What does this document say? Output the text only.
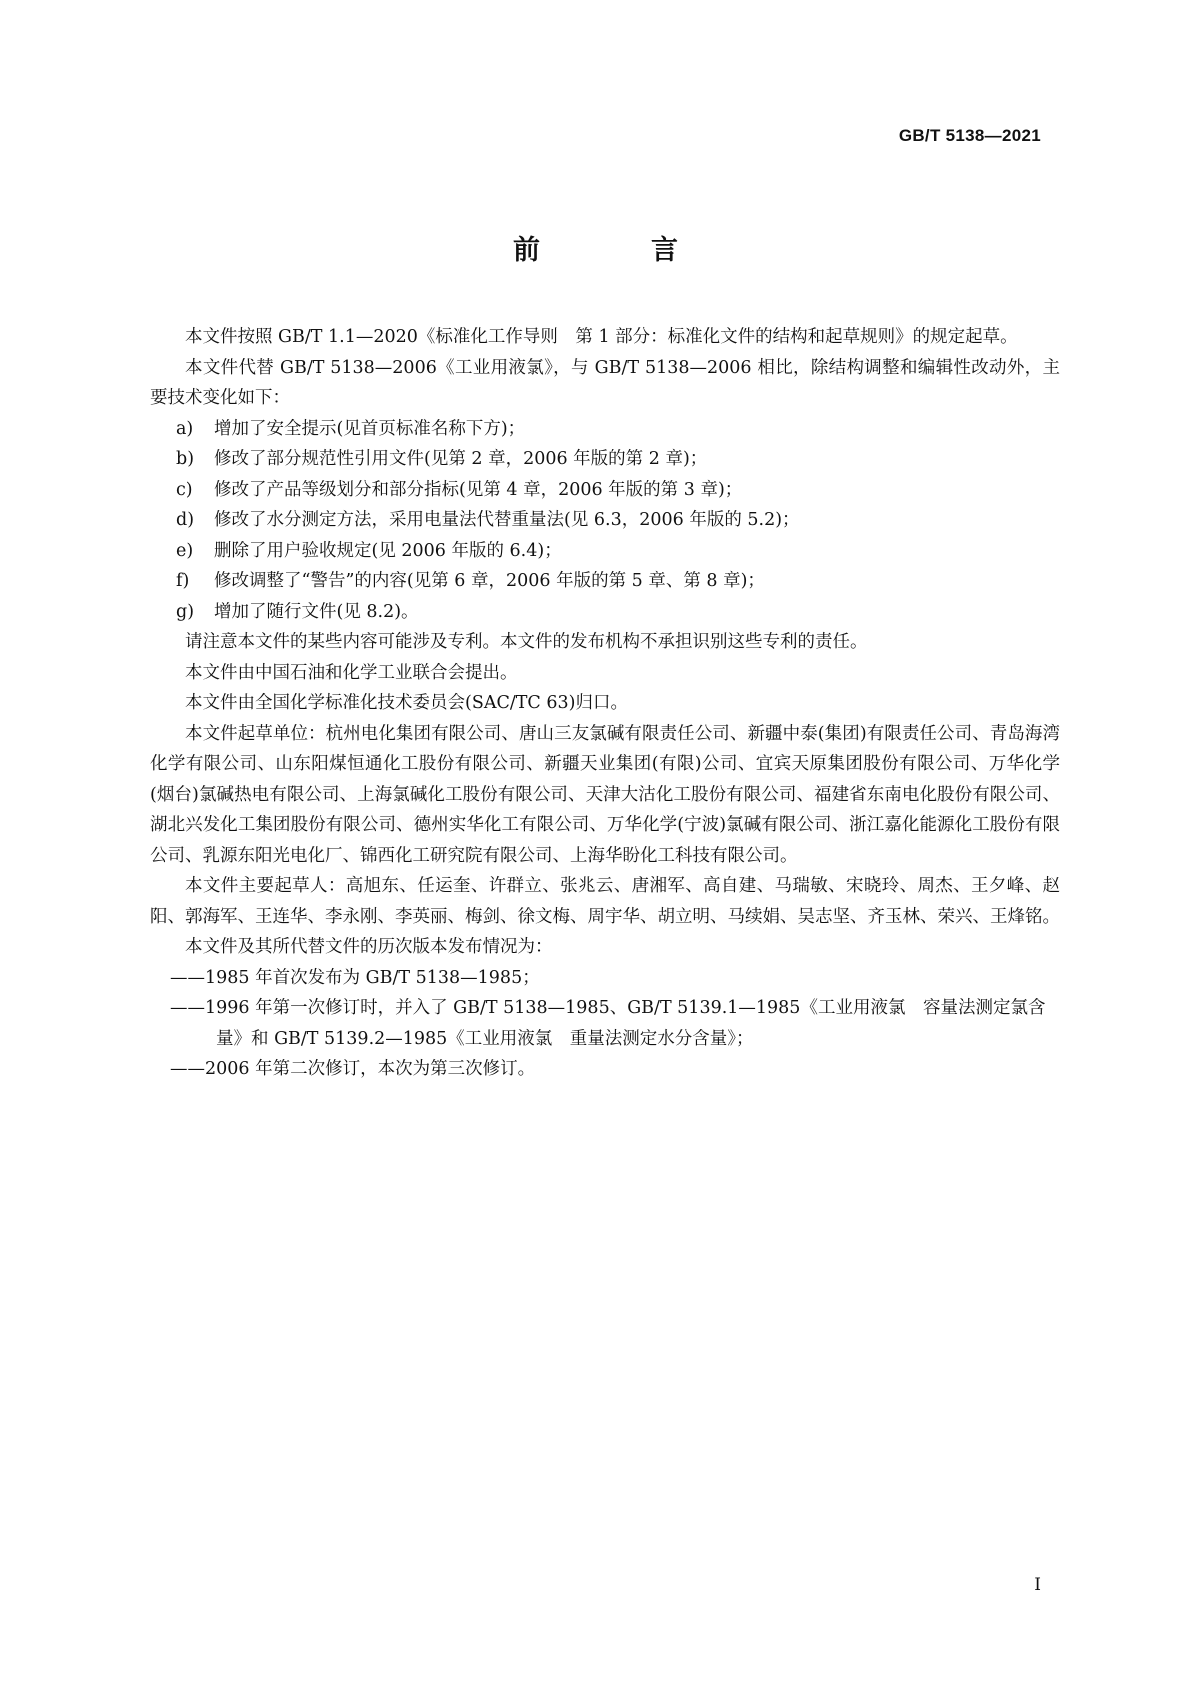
GB/T 5138—2021
前　言

本文件按照 GB/T 1.1—2020《标准化工作导则　第 1 部分：标准化文件的结构和起草规则》的规定起草。

本文件代替 GB/T 5138—2006《工业用液氯》，与 GB/T 5138—2006 相比，除结构调整和编辑性改动外，主要技术变化如下：

a) 增加了安全提示(见首页标准名称下方)；

b) 修改了部分规范性引用文件(见第 2 章，2006 年版的第 2 章)；

c) 修改了产品等级划分和部分指标(见第 4 章，2006 年版的第 3 章)；

d) 修改了水分测定方法，采用电量法代替重量法(见 6.3，2006 年版的 5.2)；

e) 删除了用户验收规定(见 2006 年版的 6.4)；

f) 修改调整了“警告”的内容(见第 6 章，2006 年版的第 5 章、第 8 章)；

g) 增加了随行文件(见 8.2)。

请注意本文件的某些内容可能涉及专利。本文件的发布机构不承担识别这些专利的责任。

本文件由中国石油和化学工业联合会提出。

本文件由全国化学标准化技术委员会(SAC/TC 63)归口。

本文件起草单位：杭州电化集团有限公司、唐山三友氯碱有限责任公司、新疆中泰(集团)有限责任公司、青岛海湾化学有限公司、山东阳煤恒通化工股份有限公司、新疆天业集团(有限)公司、宜宾天原集团股份有限公司、万华化学(烟台)氯碱热电有限公司、上海氯碱化工股份有限公司、天津大沽化工股份有限公司、福建省东南电化股份有限公司、湖北兴发化工集团股份有限公司、德州实华化工有限公司、万华化学(宁波)氯碱有限公司、浙江嘉化能源化工股份有限公司、乳源东阳光电化厂、锦西化工研究院有限公司、上海华盼化工科技有限公司。

本文件主要起草人：高旭东、任运奎、许群立、张兆云、唐湘军、高自建、马瑞敏、宋晓玲、周杰、王夕峰、赵阳、郭海军、王连华、李永刚、李英丽、梅剑、徐文梅、周宇华、胡立明、马续娟、吴志坚、齐玉林、荣兴、王烽铭。

本文件及其所代替文件的历次版本发布情况为：

——1985 年首次发布为 GB/T 5138—1985；

——1996 年第一次修订时，并入了 GB/T 5138—1985、GB/T 5139.1—1985《工业用液氯　容量法测定氯含量》和 GB/T 5139.2—1985《工业用液氯　重量法测定水分含量》；

——2006 年第二次修订，本次为第三次修订。

I
